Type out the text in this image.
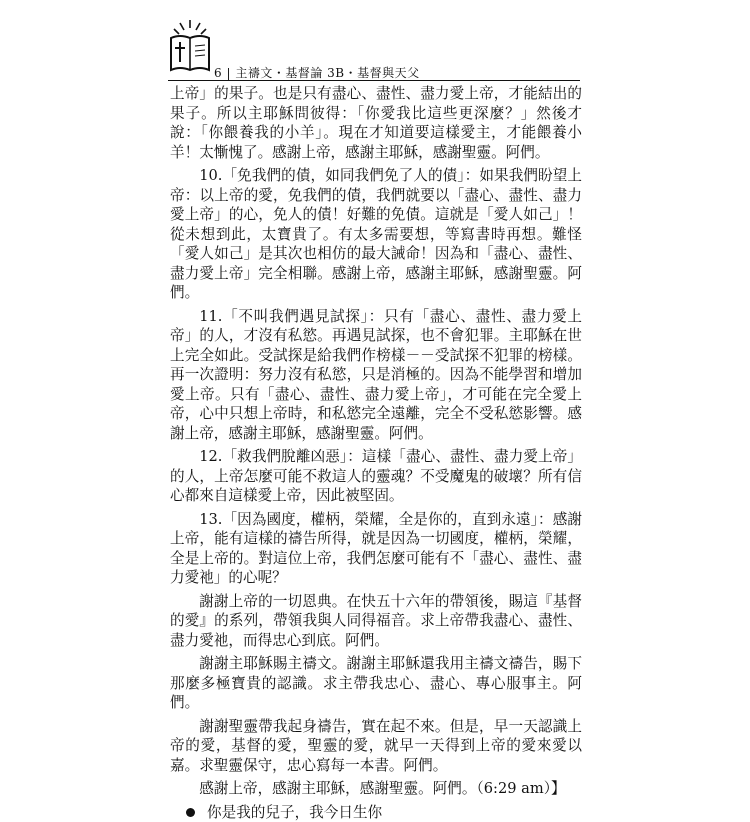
6 | 主禱文・基督論 3B・基督與天父

上帝」的果子。也是只有盡心、盡性、盡力愛上帝，才能結出的果子。所以主耶穌問彼得：「你愛我比這些更深麼？」然後才說：「你餵養我的小羊」。現在才知道要這樣愛主，才能餵養小羊！太慚愧了。感謝上帝，感謝主耶穌，感謝聖靈。阿們。

10.「免我們的債，如同我們免了人的債」：如果我們盼望上帝：以上帝的愛，免我們的債，我們就要以「盡心、盡性、盡力愛上帝」的心，免人的債！好難的免債。這就是「愛人如己」！從未想到此，太寶貴了。有太多需要想，等寫書時再想。難怪「愛人如己」是其次也相仿的最大誡命！因為和「盡心、盡性、盡力愛上帝」完全相聯。感謝上帝，感謝主耶穌，感謝聖靈。阿們。

11.「不叫我們遇見試探」：只有「盡心、盡性、盡力愛上帝」的人，才沒有私慾。再遇見試探，也不會犯罪。主耶穌在世上完全如此。受試探是給我們作榜樣－－受試探不犯罪的榜樣。再一次證明：努力沒有私慾，只是消極的。因為不能學習和增加愛上帝。只有「盡心、盡性、盡力愛上帝」，才可能在完全愛上帝，心中只想上帝時，和私慾完全遠離，完全不受私慾影響。感謝上帝，感謝主耶穌，感謝聖靈。阿們。

12.「救我們脫離凶惡」：這樣「盡心、盡性、盡力愛上帝」的人，上帝怎麼可能不救這人的靈魂？不受魔鬼的破壞？所有信心都來自這樣愛上帝，因此被堅固。

13.「因為國度，權柄，榮耀，全是你的，直到永遠」：感謝上帝，能有這樣的禱告所得，就是因為一切國度，權柄，榮耀，全是上帝的。對這位上帝，我們怎麼可能有不「盡心、盡性、盡力愛祂」的心呢？

謝謝上帝的一切恩典。在快五十六年的帶領後，賜這『基督的愛』的系列，帶領我與人同得福音。求上帝帶我盡心、盡性、盡力愛祂，而得忠心到底。阿們。

謝謝主耶穌賜主禱文。謝謝主耶穌還我用主禱文禱告，賜下那麼多極寶貴的認識。求主帶我忠心、盡心、專心服事主。阿們。

謝謝聖靈帶我起身禱告，實在起不來。但是，早一天認識上帝的愛，基督的愛，聖靈的愛，就早一天得到上帝的愛來愛以嘉。求聖靈保守，忠心寫每一本書。阿們。

感謝上帝，感謝主耶穌，感謝聖靈。阿們。（6:29 am）】

你是我的兒子，我今日生你
